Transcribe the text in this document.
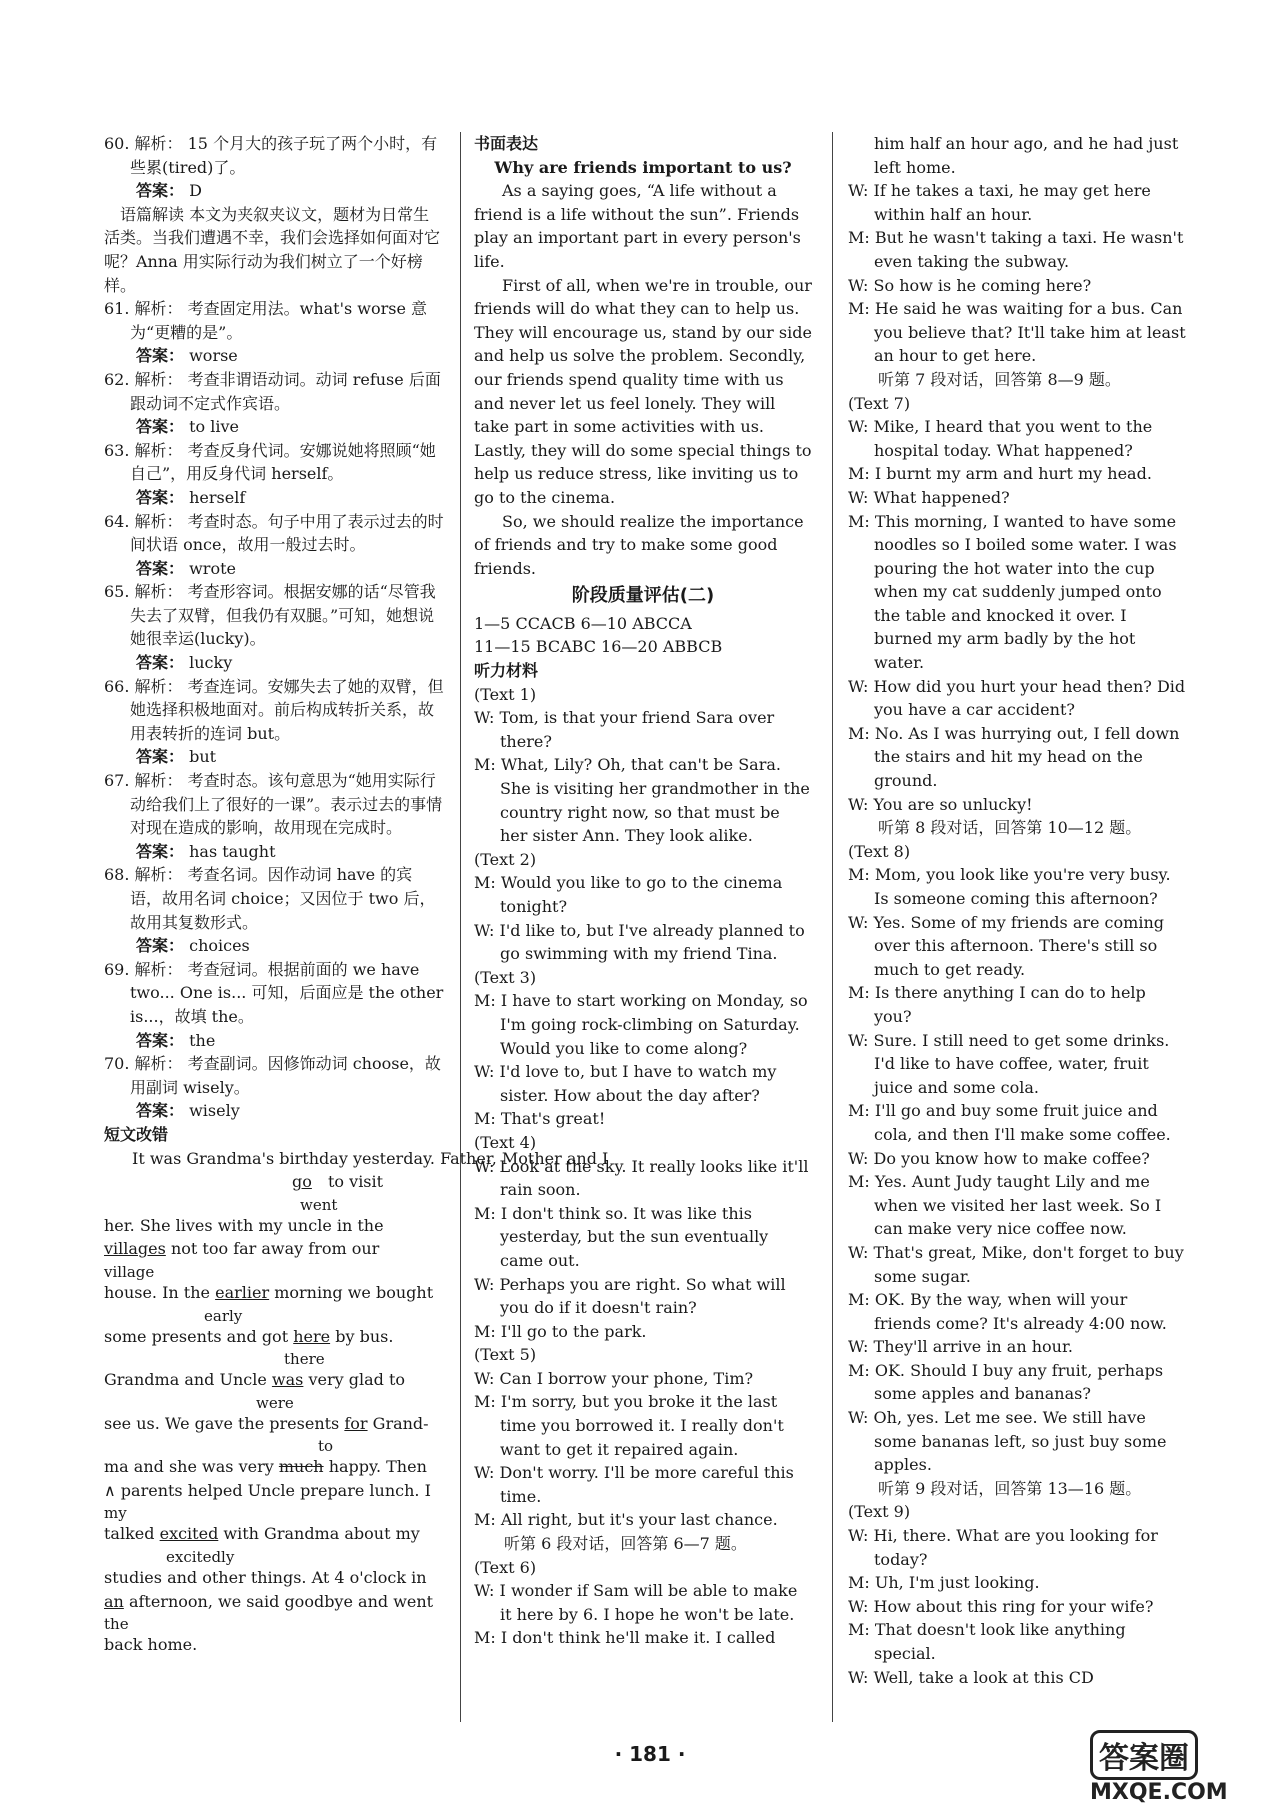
60. 解析： 15 个月大的孩子玩了两个小时，有些累(tired)了。
答案： D
语篇解读 本文为夹叙夹议文，题材为日常生活类。当我们遭遇不幸，我们会选择如何面对它呢？Anna 用实际行动为我们树立了一个好榜样。
61. 解析： 考查固定用法。what's worse 意为“更糟的是”。
答案： worse
62. 解析： 考查非谓语动词。动词 refuse 后面跟动词不定式作宾语。
答案： to live
63. 解析： 考查反身代词。安娜说她将照顾“她自己”，用反身代词 herself。
答案： herself
64. 解析： 考查时态。句子中用了表示过去的时间状语 once，故用一般过去时。
答案： wrote
65. 解析： 考查形容词。根据安娜的话“尽管我失去了双臂，但我仍有双腿。”可知，她想说她很幸运(lucky)。
答案： lucky
66. 解析： 考查连词。安娜失去了她的双臂，但她选择积极地面对。前后构成转折关系，故用表转折的连词 but。
答案： but
67. 解析： 考查时态。该句意思为“她用实际行动给我们上了很好的一课”。表示过去的事情对现在造成的影响，故用现在完成时。
答案： has taught
68. 解析： 考查名词。因作动词 have 的宾语，故用名词 choice；又因位于 two 后，故用其复数形式。
答案： choices
69. 解析： 考查冠词。根据前面的 we have two... One is... 可知，后面应是 the other is...，故填 the。
答案： the
70. 解析： 考查副词。因修饰动词 choose，故用副词 wisely。
答案： wisely
短文改错
It was Grandma's birthday yesterday. Father, Mother and I

go to visit
went
her. She lives with my uncle in the
villages not too far away from our
village
house. In the earlier morning we bought
early
some presents and got here by bus.
there
Grandma and Uncle was very glad to
were
see us. We gave the presents for Grand-
to
ma and she was very much happy. Then
∧ parents helped Uncle prepare lunch. I
my
talked excited with Grandma about my
excitedly
studies and other things. At 4 o'clock in
an afternoon, we said goodbye and went
the
back home.
书面表达
Why are friends important to us?
As a saying goes, “A life without a friend is a life without the sun”. Friends play an important part in every person's life.
First of all, when we're in trouble, our friends will do what they can to help us. They will encourage us, stand by our side and help us solve the problem. Secondly, our friends spend quality time with us and never let us feel lonely. They will take part in some activities with us. Lastly, they will do some special things to help us reduce stress, like inviting us to go to the cinema.
So, we should realize the importance of friends and try to make some good friends.
阶段质量评估(二)
1—5 CCACB 6—10 ABCCA
11—15 BCABC 16—20 ABBCB
听力材料
(Text 1)
W: Tom, is that your friend Sara over there?
M: What, Lily? Oh, that can't be Sara. She is visiting her grandmother in the country right now, so that must be her sister Ann. They look alike.
(Text 2)
M: Would you like to go to the cinema tonight?
W: I'd like to, but I've already planned to go swimming with my friend Tina.
(Text 3)
M: I have to start working on Monday, so I'm going rock-climbing on Saturday. Would you like to come along?
W: I'd love to, but I have to watch my sister. How about the day after?
M: That's great!
(Text 4)
W: Look at the sky. It really looks like it'll rain soon.
M: I don't think so. It was like this yesterday, but the sun eventually came out.
W: Perhaps you are right. So what will you do if it doesn't rain?
M: I'll go to the park.
(Text 5)
W: Can I borrow your phone, Tim?
M: I'm sorry, but you broke it the last time you borrowed it. I really don't want to get it repaired again.
W: Don't worry. I'll be more careful this time.
M: All right, but it's your last chance.
听第 6 段对话，回答第 6—7 题。
(Text 6)
W: I wonder if Sam will be able to make it here by 6. I hope he won't be late.
M: I don't think he'll make it. I called
him half an hour ago, and he had just left home.
W: If he takes a taxi, he may get here within half an hour.
M: But he wasn't taking a taxi. He wasn't even taking the subway.
W: So how is he coming here?
M: He said he was waiting for a bus. Can you believe that? It'll take him at least an hour to get here.
听第 7 段对话，回答第 8—9 题。
(Text 7)
W: Mike, I heard that you went to the hospital today. What happened?
M: I burnt my arm and hurt my head.
W: What happened?
M: This morning, I wanted to have some noodles so I boiled some water. I was pouring the hot water into the cup when my cat suddenly jumped onto the table and knocked it over. I burned my arm badly by the hot water.
W: How did you hurt your head then? Did you have a car accident?
M: No. As I was hurrying out, I fell down the stairs and hit my head on the ground.
W: You are so unlucky!
听第 8 段对话，回答第 10—12 题。
(Text 8)
M: Mom, you look like you're very busy. Is someone coming this afternoon?
W: Yes. Some of my friends are coming over this afternoon. There's still so much to get ready.
M: Is there anything I can do to help you?
W: Sure. I still need to get some drinks. I'd like to have coffee, water, fruit juice and some cola.
M: I'll go and buy some fruit juice and cola, and then I'll make some coffee.
W: Do you know how to make coffee?
M: Yes. Aunt Judy taught Lily and me when we visited her last week. So I can make very nice coffee now.
W: That's great, Mike, don't forget to buy some sugar.
M: OK. By the way, when will your friends come? It's already 4:00 now.
W: They'll arrive in an hour.
M: OK. Should I buy any fruit, perhaps some apples and bananas?
W: Oh, yes. Let me see. We still have some bananas left, so just buy some apples.
听第 9 段对话，回答第 13—16 题。
(Text 9)
W: Hi, there. What are you looking for today?
M: Uh, I'm just looking.
W: How about this ring for your wife?
M: That doesn't look like anything special.
W: Well, take a look at this CD
· 181 ·	答案圈
MXQE.COM
